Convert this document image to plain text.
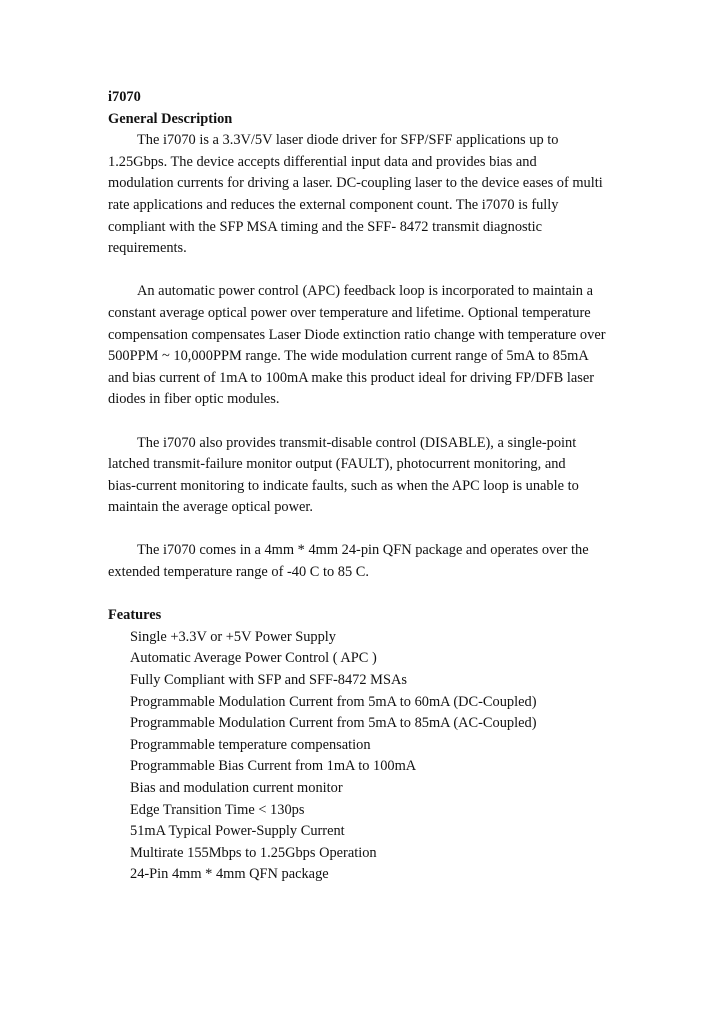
i7070
General Description
The i7070 is a 3.3V/5V laser diode driver for SFP/SFF applications up to
1.25Gbps. The device accepts differential input data and provides bias and
modulation currents for driving a laser. DC-coupling laser to the device eases of multi
rate applications and reduces the external component count. The i7070 is fully
compliant with the SFP MSA timing and the SFF- 8472 transmit diagnostic
requirements.
An automatic power control (APC) feedback loop is incorporated to maintain a
constant average optical power over temperature and lifetime. Optional temperature
compensation compensates Laser Diode extinction ratio change with temperature over
500PPM ~ 10,000PPM range. The wide modulation current range of 5mA to 85mA
and bias current of 1mA to 100mA make this product ideal for driving FP/DFB laser
diodes in fiber optic modules.
The i7070 also provides transmit-disable control (DISABLE), a single-point
latched transmit-failure monitor output (FAULT), photocurrent monitoring, and
bias-current monitoring to indicate faults, such as when the APC loop is unable to
maintain the average optical power.
The i7070 comes in a 4mm * 4mm 24-pin QFN package and operates over the
extended temperature range of -40 C to 85 C.
Features
Single +3.3V or +5V Power Supply
Automatic Average Power Control ( APC )
Fully Compliant with SFP and SFF-8472 MSAs
Programmable Modulation Current from 5mA to 60mA (DC-Coupled)
Programmable Modulation Current from 5mA to 85mA (AC-Coupled)
Programmable temperature compensation
Programmable Bias Current from 1mA to 100mA
Bias and modulation current monitor
Edge Transition Time < 130ps
51mA Typical Power-Supply Current
Multirate 155Mbps to 1.25Gbps Operation
24-Pin 4mm * 4mm QFN package
